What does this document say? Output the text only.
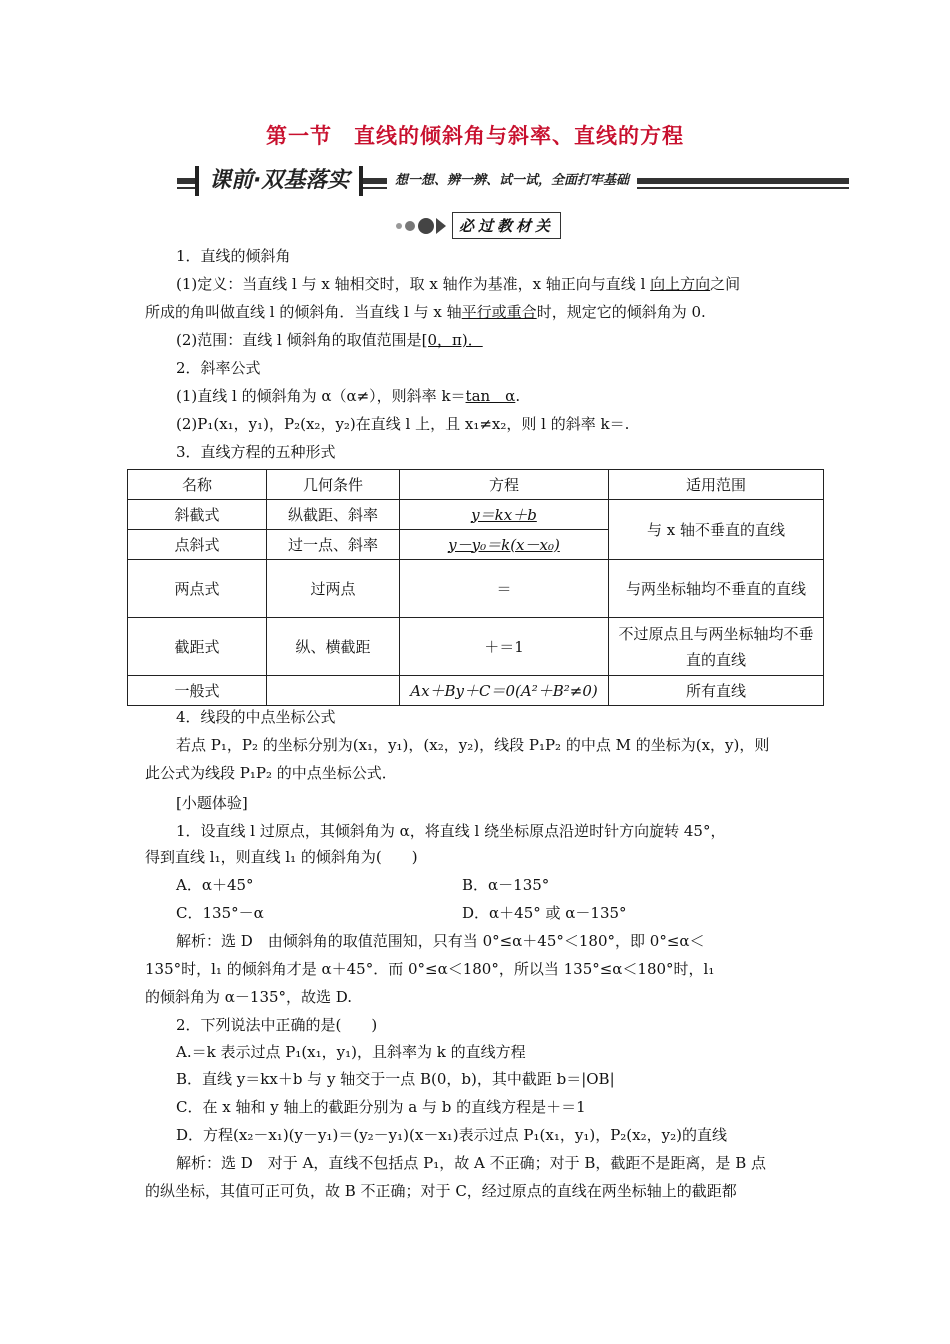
第一节　直线的倾斜角与斜率、直线的方程
课前·双基落实	想一想、辨一辨、试一试，全面打牢基础
必过教材关
1．直线的倾斜角
(1)定义：当直线 l 与 x 轴相交时，取 x 轴作为基准，x 轴正向与直线 l 向上方向之间
所成的角叫做直线 l 的倾斜角．当直线 l 与 x 轴平行或重合时，规定它的倾斜角为 0.
(2)范围：直线 l 倾斜角的取值范围是[0，π)．
2．斜率公式
(1)直线 l 的倾斜角为 α（α≠），则斜率 k＝tan　α.
(2)P₁(x₁，y₁)，P₂(x₂，y₂)在直线 l 上，且 x₁≠x₂，则 l 的斜率 k＝.
3．直线方程的五种形式
名称	几何条件	方程	适用范围
斜截式	纵截距、斜率	y＝kx＋b	与 x 轴不垂直的直线
点斜式	过一点、斜率	y－y₀＝k(x－x₀)	
两点式	过两点	＝	与两坐标轴均不垂直的直线
截距式	纵、横截距	＋＝1	不过原点且与两坐标轴均不垂直的直线
一般式		Ax＋By＋C＝0(A²＋B²≠0)	所有直线
4．线段的中点坐标公式
若点 P₁，P₂ 的坐标分别为(x₁，y₁)，(x₂，y₂)，线段 P₁P₂ 的中点 M 的坐标为(x，y)，则
此公式为线段 P₁P₂ 的中点坐标公式．
[小题体验]
1．设直线 l 过原点，其倾斜角为 α，将直线 l 绕坐标原点沿逆时针方向旋转 45°，
得到直线 l₁，则直线 l₁ 的倾斜角为(　　)
A．α＋45°	B．α－135°
C．135°－α	D．α＋45° 或 α－135°
解析：选 D　由倾斜角的取值范围知，只有当 0°≤α＋45°＜180°，即 0°≤α＜
135°时，l₁ 的倾斜角才是 α＋45°．而 0°≤α＜180°，所以当 135°≤α＜180°时，l₁
的倾斜角为 α－135°，故选 D.
2．下列说法中正确的是(　　)
A.＝k 表示过点 P₁(x₁，y₁)，且斜率为 k 的直线方程
B．直线 y＝kx＋b 与 y 轴交于一点 B(0，b)，其中截距 b＝|OB|
C．在 x 轴和 y 轴上的截距分别为 a 与 b 的直线方程是＋＝1
D．方程(x₂－x₁)(y－y₁)＝(y₂－y₁)(x－x₁)表示过点 P₁(x₁，y₁)，P₂(x₂，y₂)的直线
解析：选 D　对于 A，直线不包括点 P₁，故 A 不正确；对于 B，截距不是距离，是 B 点
的纵坐标，其值可正可负，故 B 不正确；对于 C，经过原点的直线在两坐标轴上的截距都
